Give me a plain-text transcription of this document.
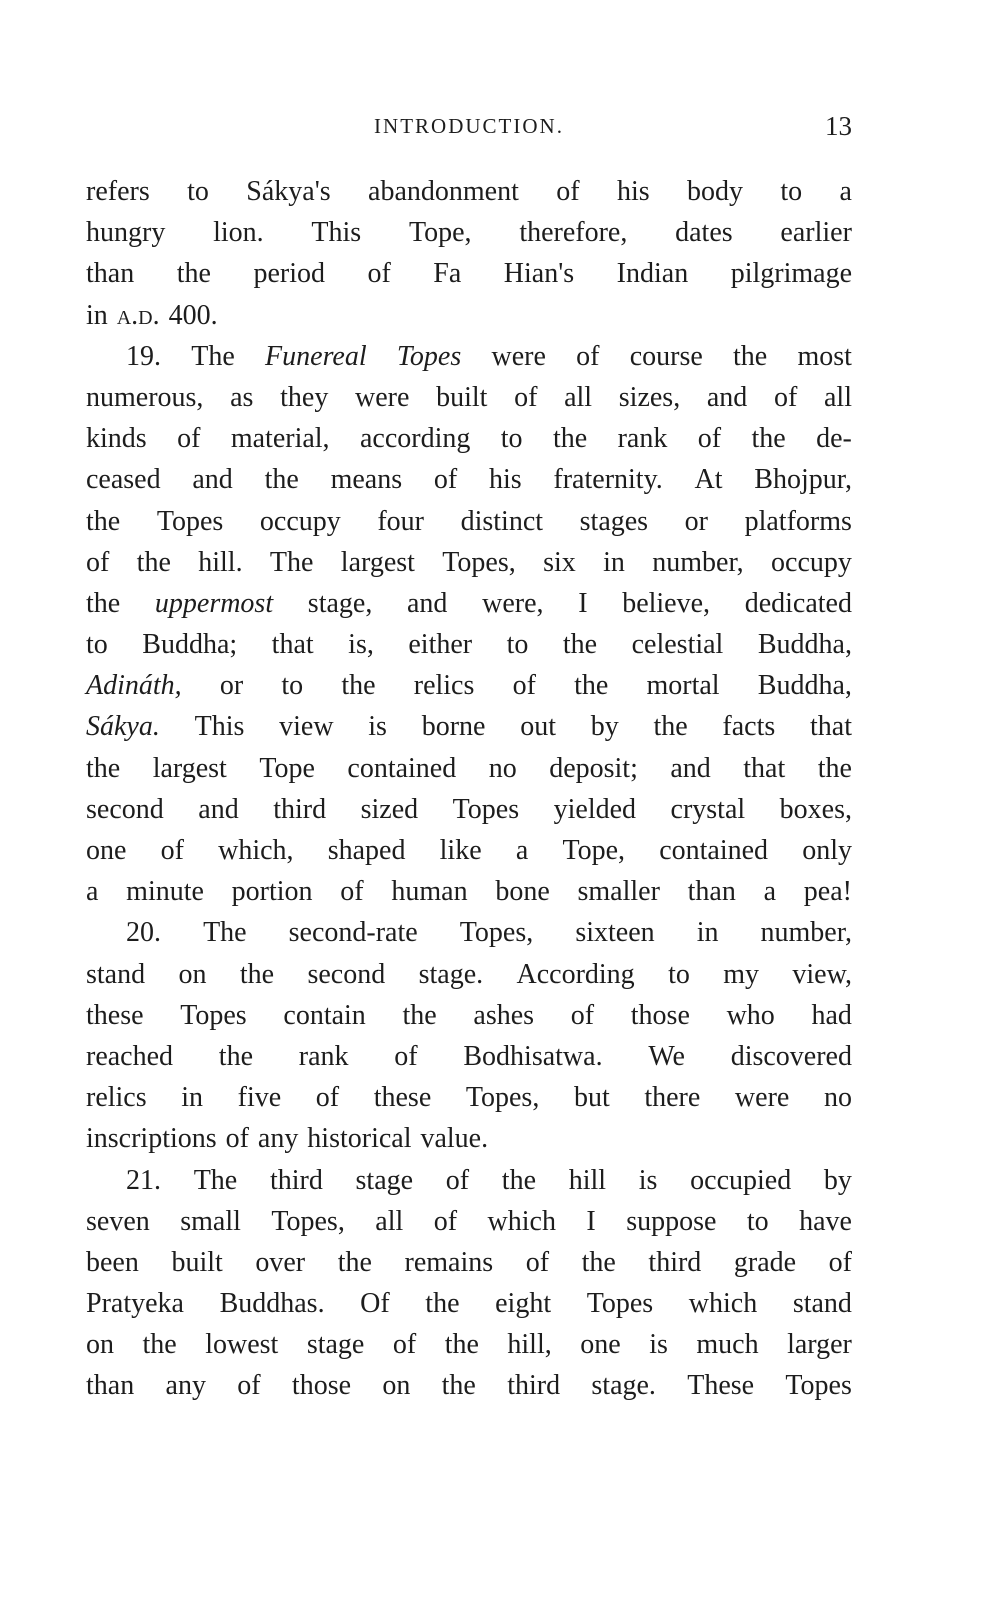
INTRODUCTION.	13
refers to Sákya's abandonment of his body to a
hungry lion. This Tope, therefore, dates earlier
than the period of Fa Hian's Indian pilgrimage
in a.d. 400.
19. The Funereal Topes were of course the most
numerous, as they were built of all sizes, and of all
kinds of material, according to the rank of the de-
ceased and the means of his fraternity. At Bhojpur,
the Topes occupy four distinct stages or platforms
of the hill. The largest Topes, six in number, occupy
the uppermost stage, and were, I believe, dedicated
to Buddha; that is, either to the celestial Buddha,
Adináth, or to the relics of the mortal Buddha,
Sákya. This view is borne out by the facts that
the largest Tope contained no deposit; and that the
second and third sized Topes yielded crystal boxes,
one of which, shaped like a Tope, contained only
a minute portion of human bone smaller than a pea!
20. The second-rate Topes, sixteen in number,
stand on the second stage. According to my view,
these Topes contain the ashes of those who had
reached the rank of Bodhisatwa. We discovered
relics in five of these Topes, but there were no
inscriptions of any historical value.
21. The third stage of the hill is occupied by
seven small Topes, all of which I suppose to have
been built over the remains of the third grade of
Pratyeka Buddhas. Of the eight Topes which stand
on the lowest stage of the hill, one is much larger
than any of those on the third stage. These Topes
